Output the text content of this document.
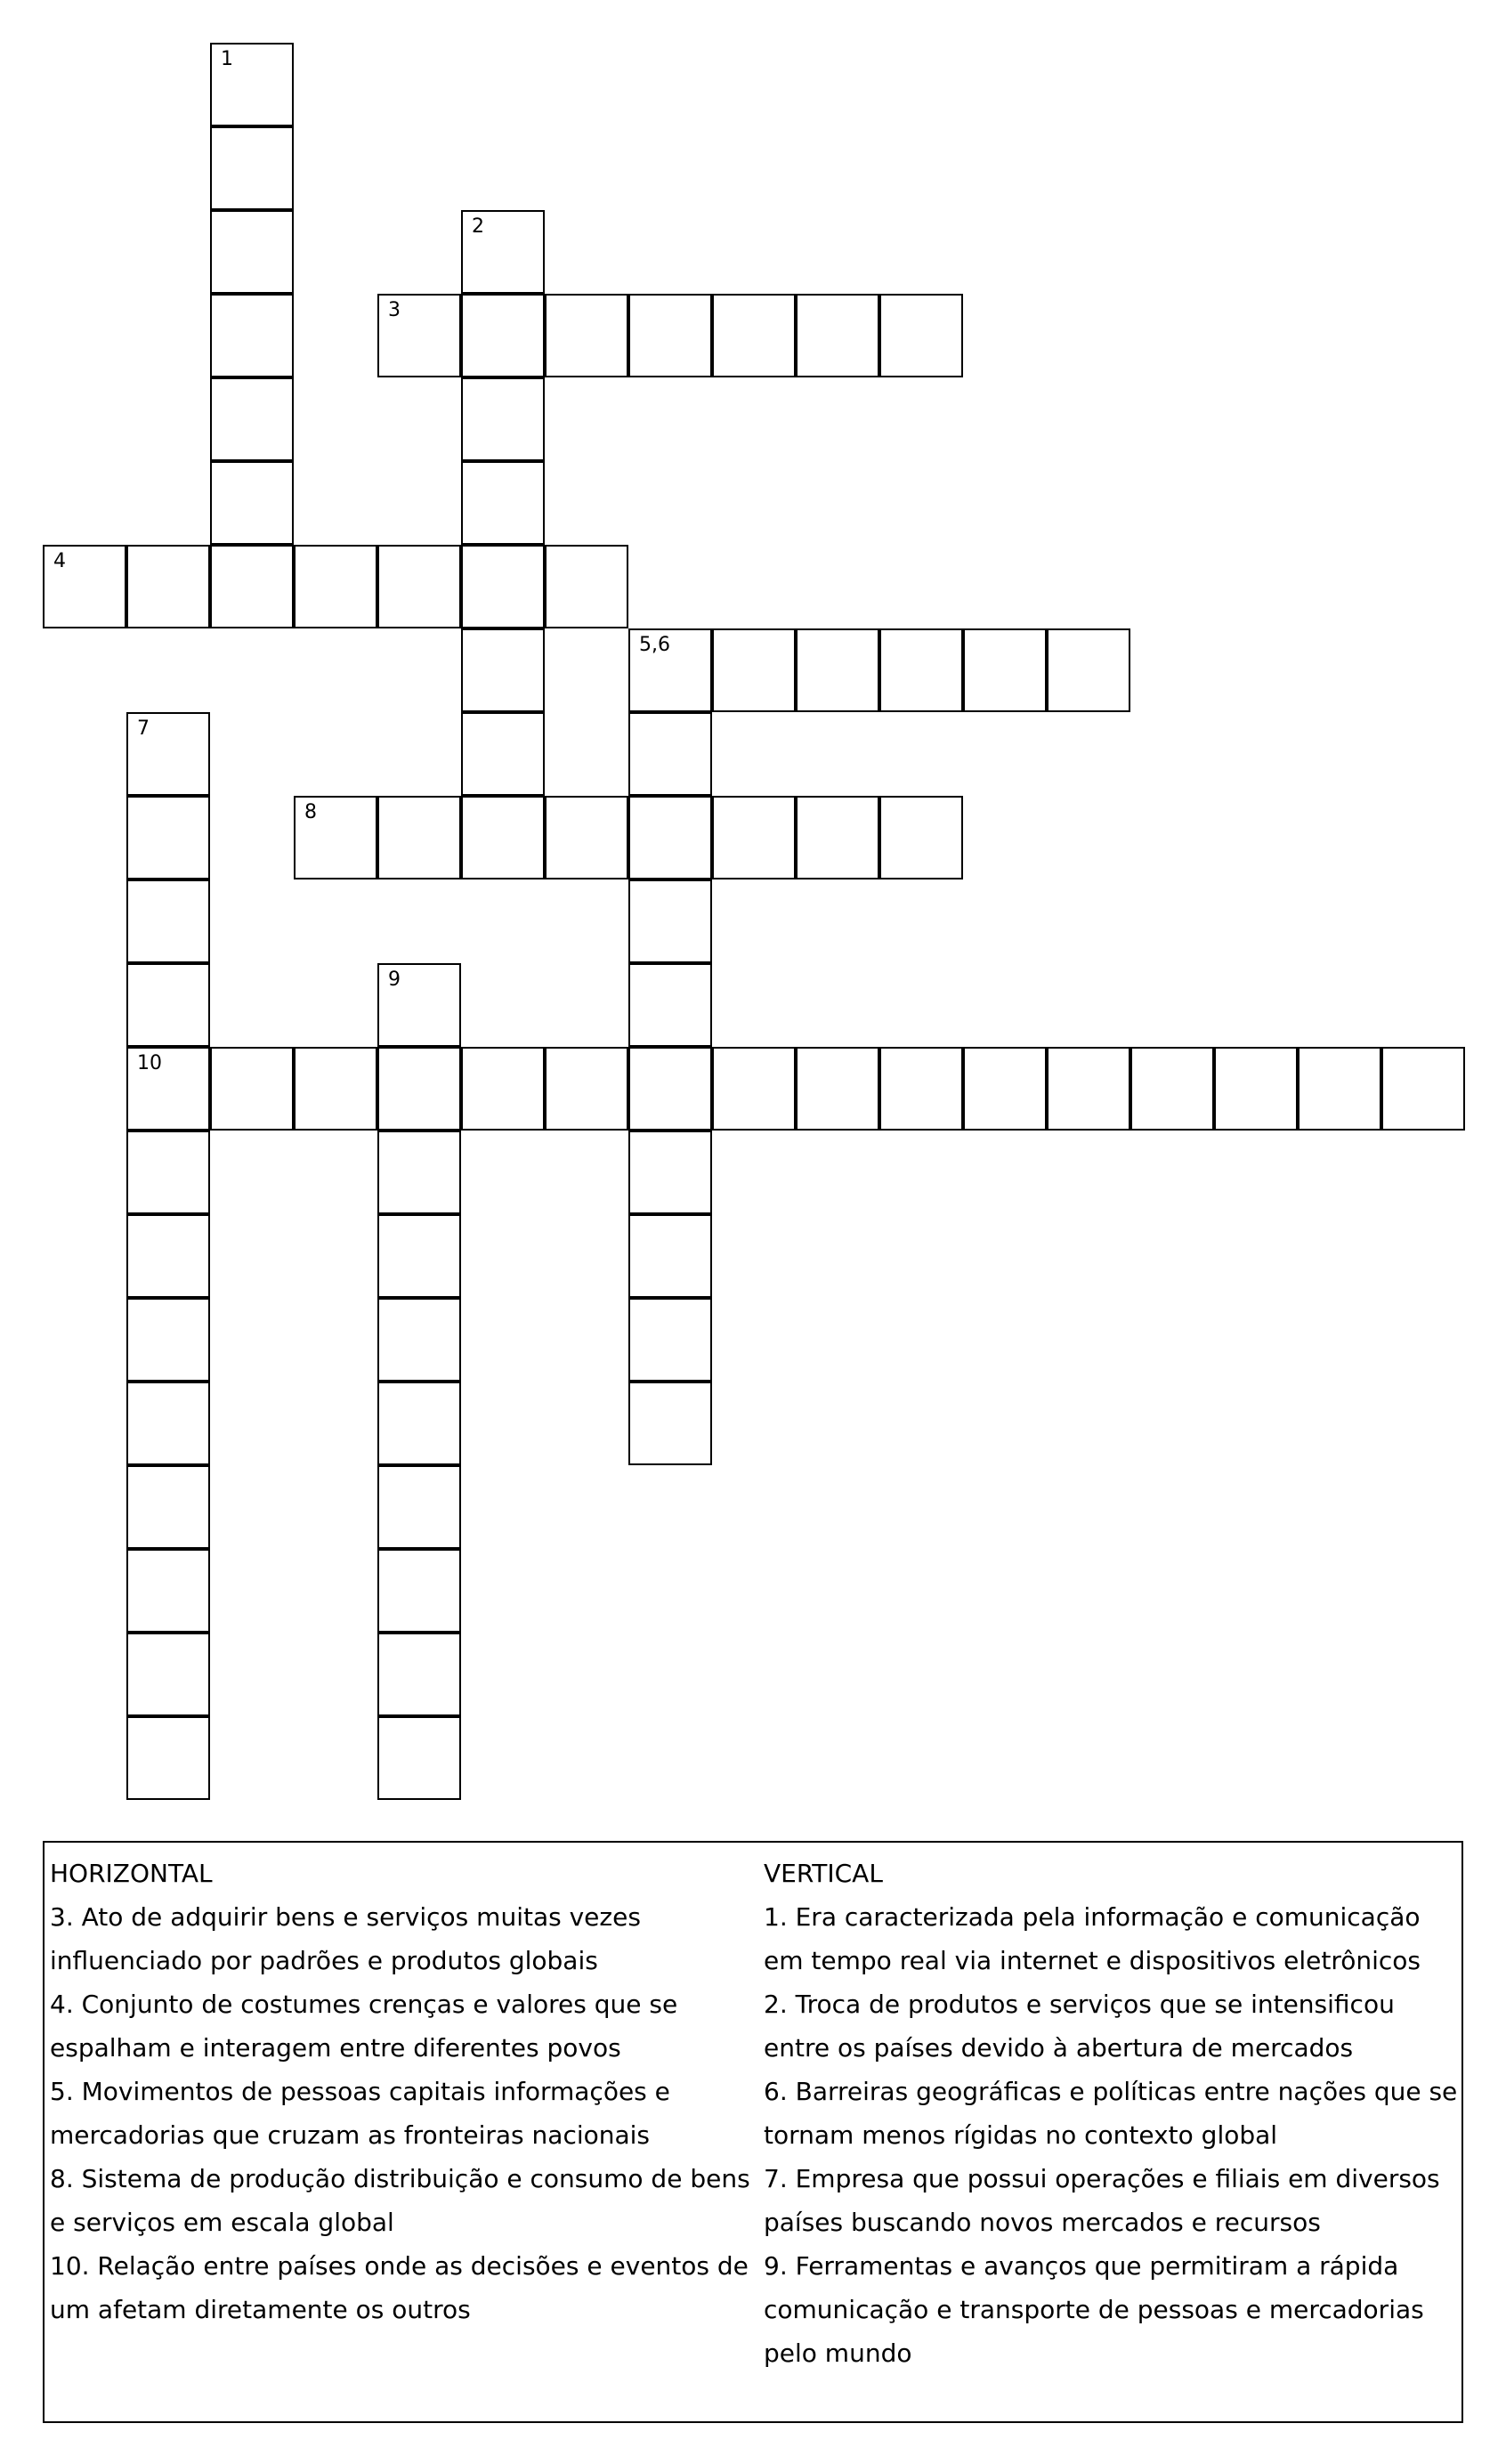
1
2
3
4
5,6
7
10
8
9
HORIZONTAL
3. Ato de adquirir bens e serviços muitas vezes influenciado por padrões e produtos globais
4. Conjunto de costumes crenças e valores que se espalham e interagem entre diferentes povos
5. Movimentos de pessoas capitais informações e mercadorias que cruzam as fronteiras nacionais
8. Sistema de produção distribuição e consumo de bens e serviços em escala global
10. Relação entre países onde as decisões e eventos de um afetam diretamente os outros
VERTICAL
1. Era caracterizada pela informação e comunicação em tempo real via internet e dispositivos eletrônicos
2. Troca de produtos e serviços que se intensificou entre os países devido à abertura de mercados
6. Barreiras geográficas e políticas entre nações que se tornam menos rígidas no contexto global
7. Empresa que possui operações e filiais em diversos países buscando novos mercados e recursos
9. Ferramentas e avanços que permitiram a rápida comunicação e transporte de pessoas e mercadorias pelo mundo
